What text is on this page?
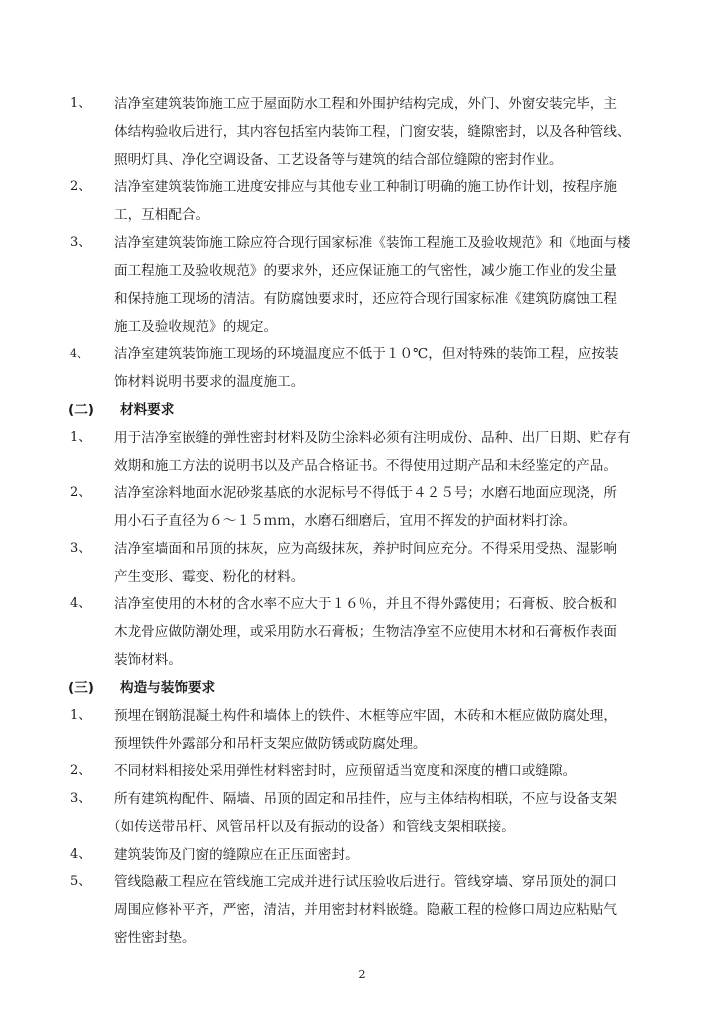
1、 洁净室建筑装饰施工应于屋面防水工程和外围护结构完成，外门、外窗安装完毕，主
体结构验收后进行，其内容包括室内装饰工程，门窗安装，缝隙密封，以及各种管线、
照明灯具、净化空调设备、工艺设备等与建筑的结合部位缝隙的密封作业。
2、 洁净室建筑装饰施工进度安排应与其他专业工种制订明确的施工协作计划，按程序施
工，互相配合。
3、 洁净室建筑装饰施工除应符合现行国家标准《装饰工程施工及验收规范》和《地面与楼
面工程施工及验收规范》的要求外，还应保证施工的气密性，减少施工作业的发尘量
和保持施工现场的清洁。有防腐蚀要求时，还应符合现行国家标准《建筑防腐蚀工程
施工及验收规范》的规定。
4、 洁净室建筑装饰施工现场的环境温度应不低于１０℃，但对特殊的装饰工程，应按装
饰材料说明书要求的温度施工。
(二) 材料要求
1、 用于洁净室嵌缝的弹性密封材料及防尘涂料必须有注明成份、品种、出厂日期、贮存有
效期和施工方法的说明书以及产品合格证书。不得使用过期产品和未经鉴定的产品。
2、 洁净室涂料地面水泥砂浆基底的水泥标号不得低于４２５号；水磨石地面应现浇，所
用小石子直径为６～１５ｍｍ，水磨石细磨后，宜用不挥发的护面材料打涂。
3、 洁净室墙面和吊顶的抹灰，应为高级抹灰，养护时间应充分。不得采用受热、湿影响
产生变形、霉变、粉化的材料。
4、 洁净室使用的木材的含水率不应大于１６％，并且不得外露使用；石膏板、胶合板和
木龙骨应做防潮处理，或采用防水石膏板；生物洁净室不应使用木材和石膏板作表面
装饰材料。
(三) 构造与装饰要求
1、 预埋在钢筋混凝土构件和墙体上的铁件、木框等应牢固，木砖和木框应做防腐处理，
预埋铁件外露部分和吊杆支架应做防锈或防腐处理。
2、 不同材料相接处采用弹性材料密封时，应预留适当宽度和深度的槽口或缝隙。
3、 所有建筑构配件、隔墙、吊顶的固定和吊挂件，应与主体结构相联，不应与设备支架
（如传送带吊杆、风管吊杆以及有振动的设备）和管线支架相联接。
4、 建筑装饰及门窗的缝隙应在正压面密封。
5、 管线隐蔽工程应在管线施工完成并进行试压验收后进行。管线穿墙、穿吊顶处的洞口
周围应修补平齐，严密，清洁，并用密封材料嵌缝。隐蔽工程的检修口周边应粘贴气
密性密封垫。
2
